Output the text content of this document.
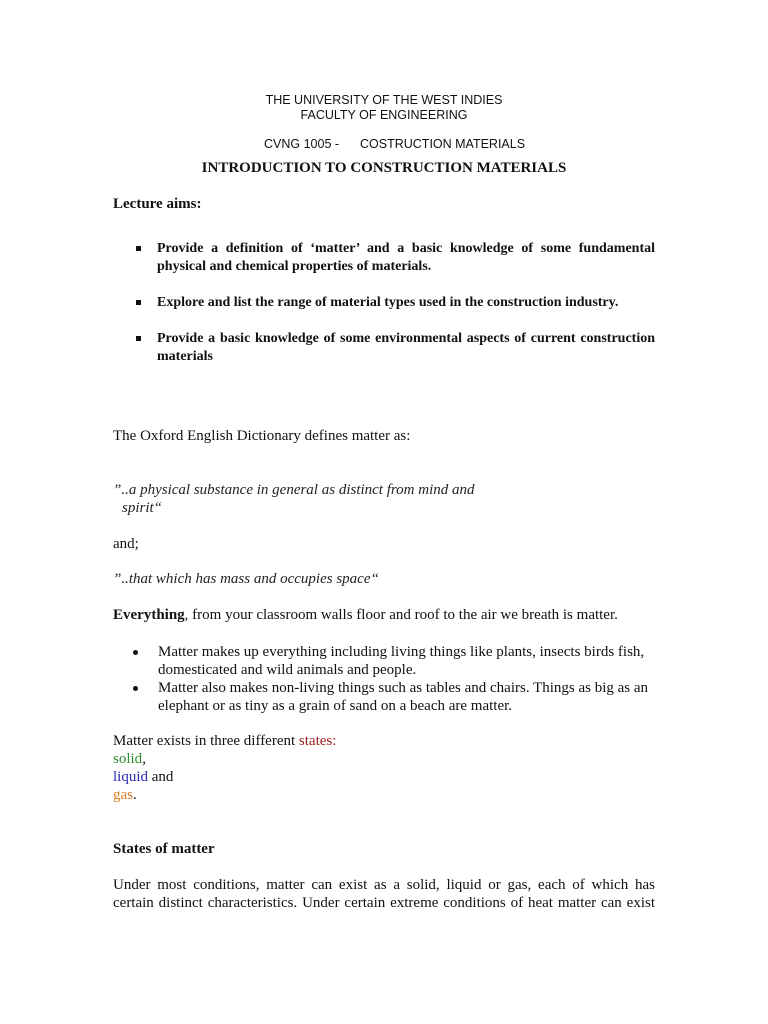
THE UNIVERSITY OF THE WEST INDIES
FACULTY OF ENGINEERING
CVNG 1005 - COSTRUCTION MATERIALS
INTRODUCTION TO CONSTRUCTION MATERIALS
Lecture aims:
Provide a definition of ‘matter’ and a basic knowledge of some fundamental physical and chemical properties of materials.
Explore and list the range of material types used in the construction industry.
Provide a basic knowledge of some environmental aspects of current construction materials
The Oxford English Dictionary defines matter as:
”..a physical substance in general as distinct from mind and
spirit“
and;
”..that which has mass and occupies space“
Everything, from your classroom walls floor and roof to the air we breath is matter.
Matter makes up everything including living things like plants, insects birds fish, domesticated and wild animals and people.
Matter also makes non-living things such as tables and chairs. Things as big as an elephant or as tiny as a grain of sand on a beach are matter.
Matter exists in three different states:
solid,
liquid and
gas.
States of matter
Under most conditions, matter can exist as a solid, liquid or gas, each of which has
certain distinct characteristics. Under certain extreme conditions of heat matter can exist
